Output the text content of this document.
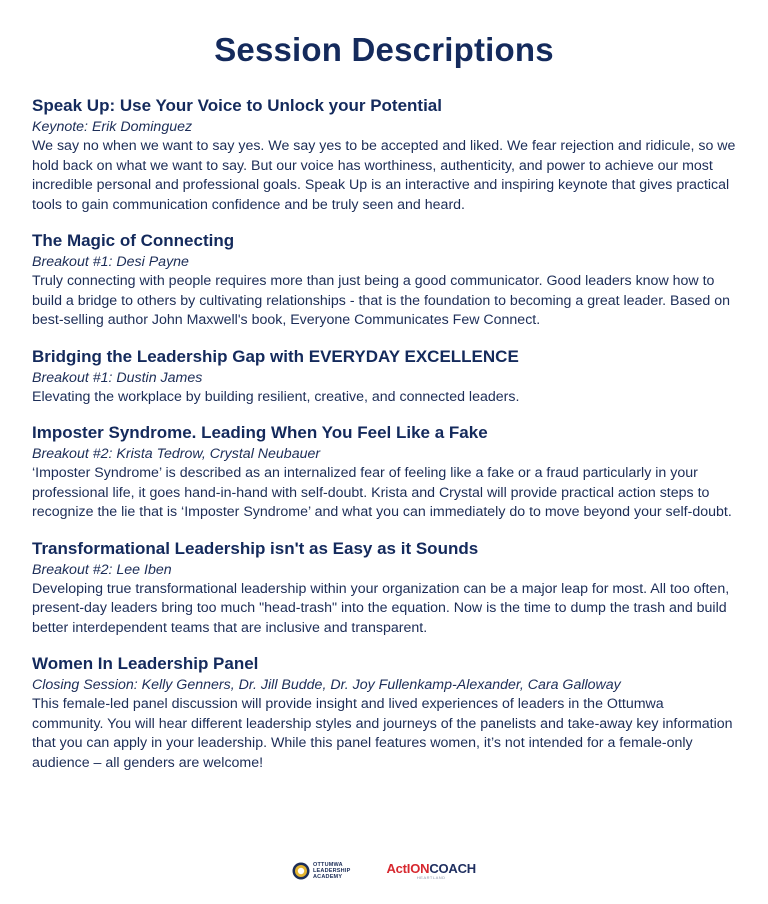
Session Descriptions
Speak Up: Use Your Voice to Unlock your Potential
Keynote: Erik Dominguez
We say no when we want to say yes. We say yes to be accepted and liked. We fear rejection and ridicule, so we hold back on what we want to say. But our voice has worthiness, authenticity, and power to achieve our most incredible personal and professional goals. Speak Up is an interactive and inspiring keynote that gives practical tools to gain communication confidence and be truly seen and heard.
The Magic of Connecting
Breakout #1: Desi Payne
Truly connecting with people requires more than just being a good communicator. Good leaders know how to build a bridge to others by cultivating relationships - that is the foundation to becoming a great leader. Based on best-selling author John Maxwell's book, Everyone Communicates Few Connect.
Bridging the Leadership Gap with EVERYDAY EXCELLENCE
Breakout #1: Dustin James
Elevating the workplace by building resilient, creative, and connected leaders.
Imposter Syndrome. Leading When You Feel Like a Fake
Breakout #2: Krista Tedrow, Crystal Neubauer
‘Imposter Syndrome’ is described as an internalized fear of feeling like a fake or a fraud particularly in your professional life, it goes hand-in-hand with self-doubt. Krista and Crystal will provide practical action steps to recognize the lie that is ‘Imposter Syndrome’ and what you can immediately do to move beyond your self-doubt.
Transformational Leadership isn't as Easy as it Sounds
Breakout #2: Lee Iben
Developing true transformational leadership within your organization can be a major leap for most. All too often, present-day leaders bring too much "head-trash" into the equation. Now is the time to dump the trash and build better interdependent teams that are inclusive and transparent.
Women In Leadership Panel
Closing Session: Kelly Genners, Dr. Jill Budde, Dr. Joy Fullenkamp-Alexander, Cara Galloway
This female-led panel discussion will provide insight and lived experiences of leaders in the Ottumwa community. You will hear different leadership styles and journeys of the panelists and take-away key information that you can apply in your leadership. While this panel features women, it’s not intended for a female-only audience – all genders are welcome!
OTTUMWA
LEADERSHIP
ACADEMY
ActIONCOACH
HEARTLAND
